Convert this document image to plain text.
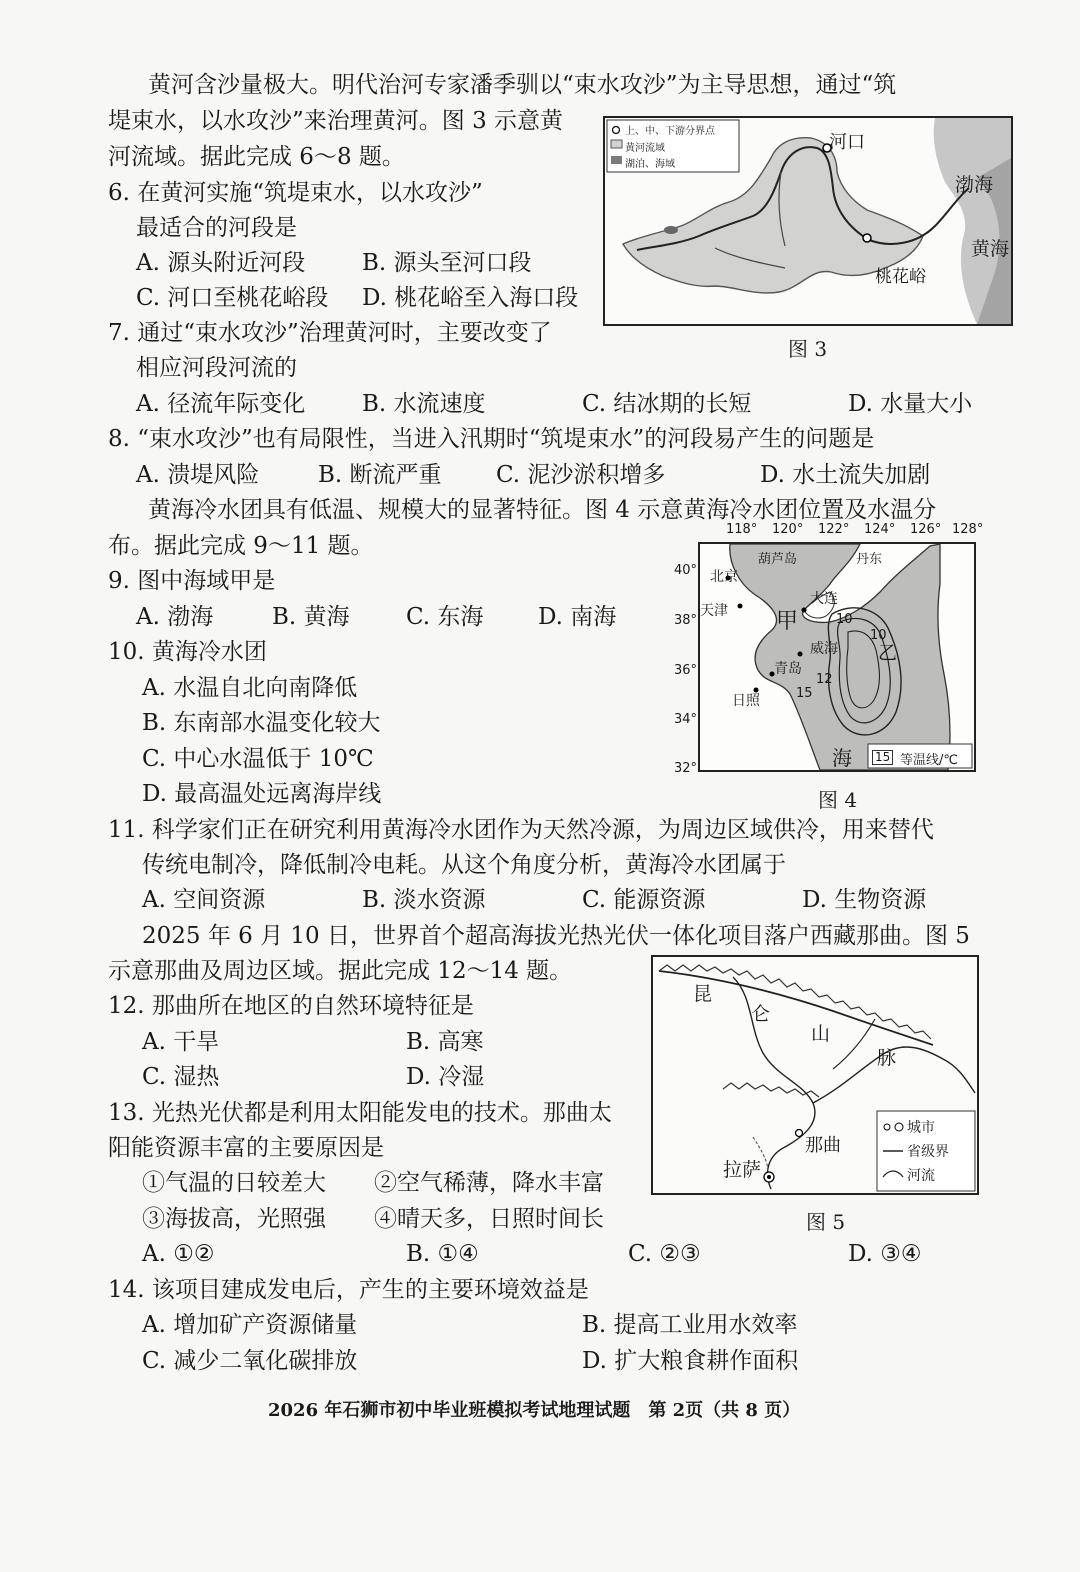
黄河含沙量极大。明代治河专家潘季驯以“束水攻沙”为主导思想，通过“筑
堤束水，以水攻沙”来治理黄河。图 3 示意黄
河流域。据此完成 6～8 题。
6. 在黄河实施“筑堤束水，以水攻沙”
最适合的河段是
A. 源头附近河段 B. 源头至河口段
C. 河口至桃花峪段 D. 桃花峪至入海口段
7. 通过“束水攻沙”治理黄河时，主要改变了
相应河段河流的
A. 径流年际变化 B. 水流速度	C. 结冰期的长短	D. 水量大小
8. “束水攻沙”也有局限性，当进入汛期时“筑堤束水”的河段易产生的问题是
A. 溃堤风险	B. 断流严重 C. 泥沙淤积增多	D. 水土流失加剧
黄海冷水团具有低温、规模大的显著特征。图 4 示意黄海冷水团位置及水温分
布。据此完成 9～11 题。
9. 图中海域甲是
A. 渤海	B. 黄海 C. 东海 D. 南海
10. 黄海冷水团
A. 水温自北向南降低
B. 东南部水温变化较大
C. 中心水温低于 10℃
D. 最高温处远离海岸线
11. 科学家们正在研究利用黄海冷水团作为天然冷源，为周边区域供冷，用来替代
传统电制冷，降低制冷电耗。从这个角度分析，黄海冷水团属于
A. 空间资源	B. 淡水资源	C. 能源资源	D. 生物资源
2025 年 6 月 10 日，世界首个超高海拔光热光伏一体化项目落户西藏那曲。图 5
示意那曲及周边区域。据此完成 12～14 题。
12. 那曲所在地区的自然环境特征是
A. 干旱	B. 高寒
C. 湿热	D. 冷湿
13. 光热光伏都是利用太阳能发电的技术。那曲太
阳能资源丰富的主要原因是
①气温的日较差大 ②空气稀薄，降水丰富
③海拔高，光照强 ④晴天多，日照时间长
A. ①②	B. ①④	C. ②③	D. ③④
14. 该项目建成发电后，产生的主要环境效益是
A. 增加矿产资源储量	B. 提高工业用水效率
C. 减少二氧化碳排放	D. 扩大粮食耕作面积
2026 年石狮市初中毕业班模拟考试地理试题　第 2页（共 8 页）
上、中、下游分界点
黄河流域
湖泊、海域
河口
渤海
黄海
桃花峪
图 3
118° 120° 122° 124° 126° 128°
40°
38°
36°
34°
32°
葫芦岛	丹东
北京
天津
大连
威海
青岛
日照
甲
乙
海
10
10
12
15
15 等温线/℃
图 4
昆
仑
山
脉
那曲
拉萨
城市
省级界
河流
图 5
